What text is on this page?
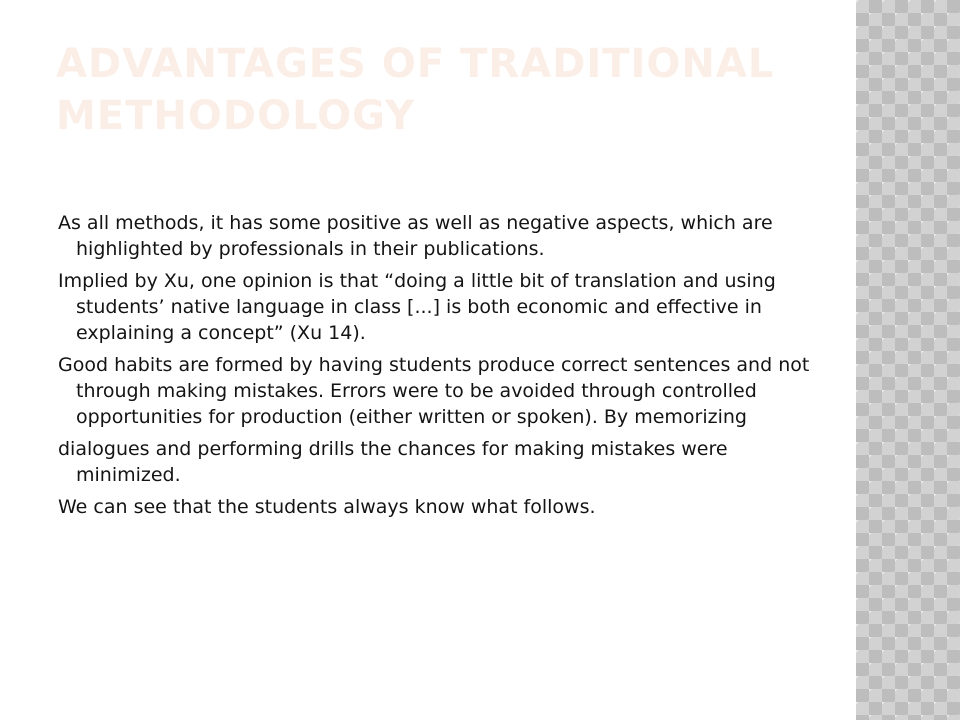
ADVANTAGES OF TRADITIONAL METHODOLOGY
As all methods, it has some positive as well as negative aspects, which are highlighted by professionals in their publications.
Implied by Xu, one opinion is that “doing a little bit of translation and using students’ native language in class [...] is both economic and effective in explaining a concept” (Xu 14).
Good habits are formed by having students produce correct sentences and not through making mistakes. Errors were to be avoided through controlled opportunities for production (either written or spoken). By memorizing
dialogues and performing drills the chances for making mistakes were minimized.
We can see that the students always know what follows.
